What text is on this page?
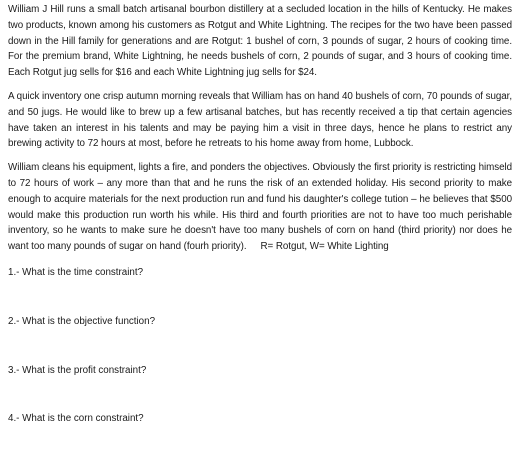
William J Hill runs a small batch artisanal bourbon distillery at a secluded location in the hills of Kentucky. He makes two products, known among his customers as Rotgut and White Lightning. The recipes for the two have been passed down in the Hill family for generations and are Rotgut: 1 bushel of corn, 3 pounds of sugar, 2 hours of cooking time. For the premium brand, White Lightning, he needs bushels of corn, 2 pounds of sugar, and 3 hours of cooking time. Each Rotgut jug sells for $16 and each White Lightning jug sells for $24.

A quick inventory one crisp autumn morning reveals that William has on hand 40 bushels of corn, 70 pounds of sugar, and 50 jugs. He would like to brew up a few artisanal batches, but has recently received a tip that certain agencies have taken an interest in his talents and may be paying him a visit in three days, hence he plans to restrict any brewing activity to 72 hours at most, before he retreats to his home away from home, Lubbock.

William cleans his equipment, lights a fire, and ponders the objectives. Obviously the first priority is restricting himseld to 72 hours of work – any more than that and he runs the risk of an extended holiday. His second priority to make enough to acquire materials for the next production run and fund his daughter's college tution – he believes that $500 would make this production run worth his while. His third and fourth priorities are not to have too much perishable inventory, so he wants to make sure he doesn't have too many bushels of corn on hand (third priority) nor does he want too many pounds of sugar on hand (fourh priority). R= Rotgut, W= White Lighting

1.- What is the time constraint?

2.- What is the objective function?

3.- What is the profit constraint?

4.- What is the corn constraint?
